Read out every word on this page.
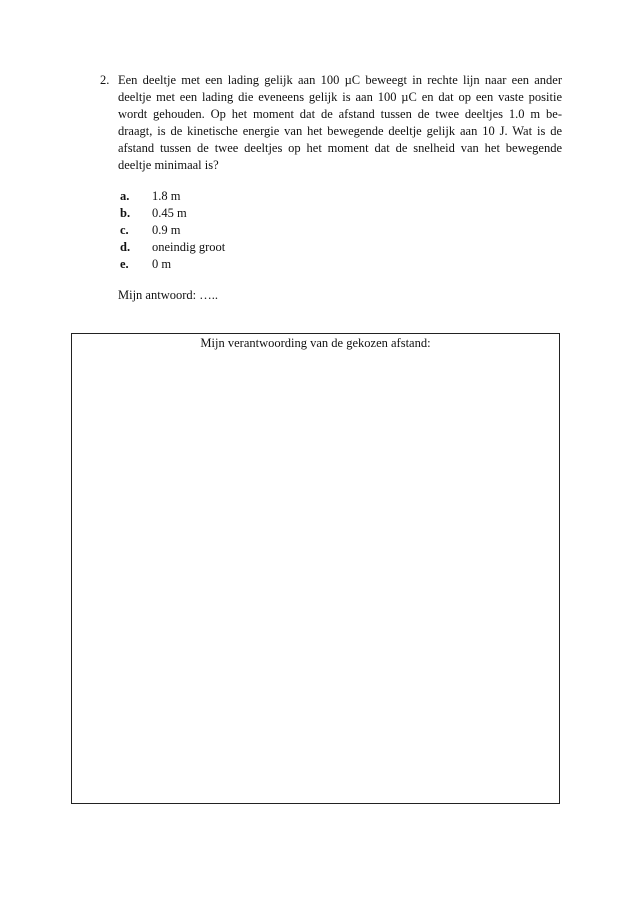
2. Een deeltje met een lading gelijk aan 100 µC beweegt in rechte lijn naar een ander
deeltje met een lading die eveneens gelijk is aan 100 µC en dat op een vaste positie
wordt gehouden. Op het moment dat de afstand tussen de twee deeltjes 1.0 m be-
draagt, is de kinetische energie van het bewegende deeltje gelijk aan 10 J. Wat is de
afstand tussen de twee deeltjes op het moment dat de snelheid van het bewegende
deeltje minimaal is?
a.	1.8 m
b.	0.45 m
c.	0.9 m
d.	oneindig groot
e.	0 m
Mijn antwoord: …..
Mijn verantwoording van de gekozen afstand:
